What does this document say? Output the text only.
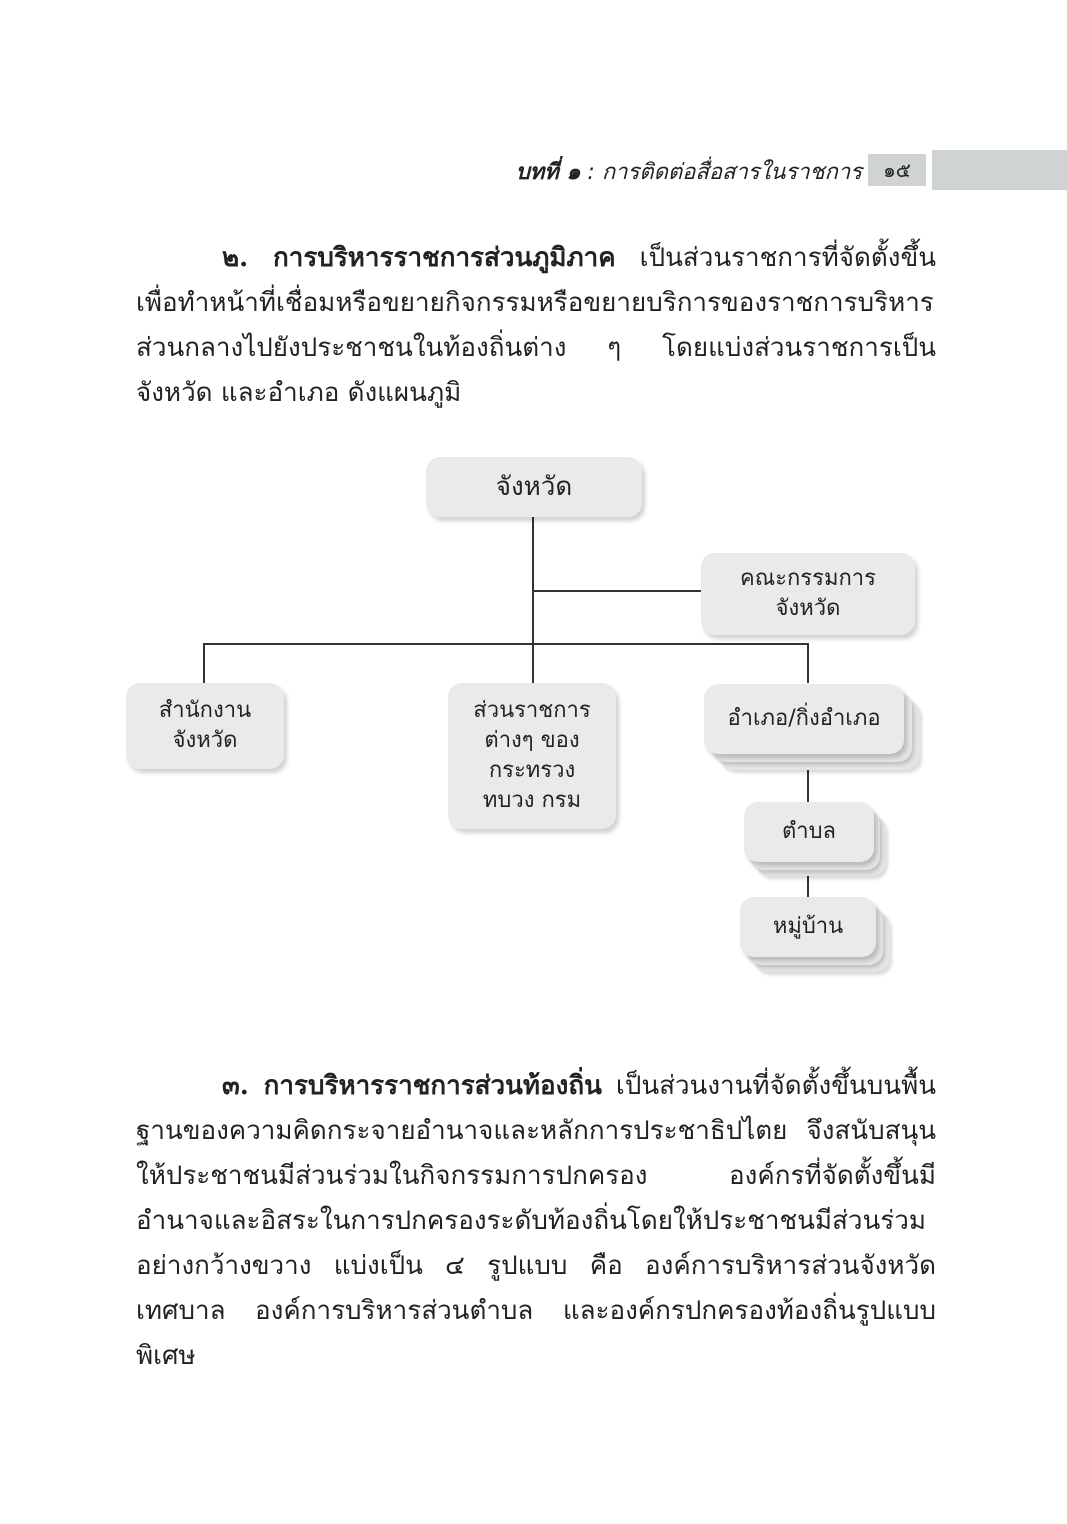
บทที่ ๑ : การติดต่อสื่อสารในราชการ	๑๕

๒. การบริหารราชการส่วนภูมิภาค เป็นส่วนราชการที่จัดตั้งขึ้นเพื่อทำหน้าที่เชื่อมหรือขยายกิจกรรมหรือขยายบริการของราชการบริหารส่วนกลางไปยังประชาชนในท้องถิ่นต่าง ๆ โดยแบ่งส่วนราชการเป็นจังหวัด และอำเภอ ดังแผนภูมิ

จังหวัด
คณะกรรมการ
จังหวัด
สำนักงาน
จังหวัด
ส่วนราชการ
ต่างๆ ของ
กระทรวง
ทบวง กรม
อำเภอ/กิ่งอำเภอ
ตำบล
หมู่บ้าน

๓. การบริหารราชการส่วนท้องถิ่น เป็นส่วนงานที่จัดตั้งขึ้นบนพื้นฐานของความคิดกระจายอำนาจและหลักการประชาธิปไตย จึงสนับสนุนให้ประชาชนมีส่วนร่วมในกิจกรรมการปกครอง องค์กรที่จัดตั้งขึ้นมีอำนาจและอิสระในการปกครองระดับท้องถิ่นโดยให้ประชาชนมีส่วนร่วมอย่างกว้างขวาง แบ่งเป็น ๔ รูปแบบ คือ องค์การบริหารส่วนจังหวัด เทศบาล องค์การบริหารส่วนตำบล และองค์กรปกครองท้องถิ่นรูปแบบพิเศษ
